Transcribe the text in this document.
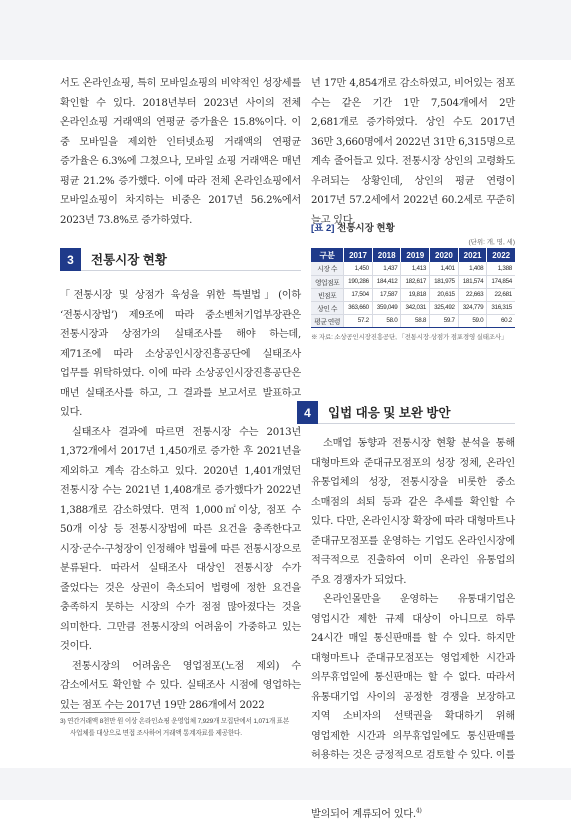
서도 온라인쇼핑, 특히 모바일쇼핑의 비약적인 성장세를 확인할 수 있다. 2018년부터 2023년 사이의 전체 온라인쇼핑 거래액의 연평균 증가율은 15.8%이다. 이 중 모바일을 제외한 인터넷쇼핑 거래액의 연평균 증가율은 6.3%에 그쳤으나, 모바일 쇼핑 거래액은 매년 평균 21.2% 증가했다. 이에 따라 전체 온라인쇼핑에서 모바일쇼핑이 차지하는 비중은 2017년 56.2%에서 2023년 73.8%로 증가하였다.

3	전통시장 현황

「전통시장 및 상점가 육성을 위한 특별법」(이하 ‘전통시장법’) 제9조에 따라 중소벤처기업부장관은 전통시장과 상점가의 실태조사를 해야 하는데, 제71조에 따라 소상공인시장진흥공단에 실태조사 업무를 위탁하였다. 이에 따라 소상공인시장진흥공단은 매년 실태조사를 하고, 그 결과를 보고서로 발표하고 있다.

실태조사 결과에 따르면 전통시장 수는 2013년 1,372개에서 2017년 1,450개로 증가한 후 2021년을 제외하고 계속 감소하고 있다. 2020년 1,401개였던 전통시장 수는 2021년 1,408개로 증가했다가 2022년 1,388개로 감소하였다. 면적 1,000㎡이상, 점포 수 50개 이상 등 전통시장법에 따른 요건을 충족한다고 시장·군수·구청장이 인정해야 법률에 따른 전통시장으로 분류된다. 따라서 실태조사 대상인 전통시장 수가 줄었다는 것은 상권이 축소되어 법령에 정한 요건을 충족하지 못하는 시장의 수가 점점 많아졌다는 것을 의미한다. 그만큼 전통시장의 어려움이 가중하고 있는 것이다.

전통시장의 어려움은 영업점포(노점 제외) 수 감소에서도 확인할 수 있다. 실태조사 시점에 영업하는 있는 점포 수는 2017년 19만 286개에서 2022

3) 연간거래액 8천만 원 이상 온라인쇼핑 운영업체 7,929개 모집단에서 1,071개 표본 사업체를 대상으로 면접 조사하여 거래액 통계자료를 제공한다.

년 17만 4,854개로 감소하였고, 비어있는 점포 수는 같은 기간 1만 7,504개에서 2만 2,681개로 증가하였다. 상인 수도 2017년 36만 3,660명에서 2022년 31만 6,315명으로 계속 줄어들고 있다. 전통시장 상인의 고령화도 우려되는 상황인데, 상인의 평균 연령이 2017년 57.2세에서 2022년 60.2세로 꾸준히 늘고 있다.

[표 2] 전통시장 현황
(단위: 개, 명, 세)
구분	2017	2018	2019	2020	2021	2022
시장 수	1,450	1,437	1,413	1,401	1,408	1,388
영업점포	190,286	184,412	182,617	181,975	181,574	174,854
빈점포	17,504	17,587	19,818	20,615	22,663	22,681
상인 수	363,660	359,049	342,031	325,492	324,779	316,315
평균 연령	57.2	58.0	58.8	59.7	59.0	60.2
※ 자료: 소상공인시장진흥공단, 「전통시장·상점가 점포경영 실태조사」
4	입법 대응 및 보완 방안

소매업 동향과 전통시장 현황 분석을 통해 대형마트와 준대규모점포의 성장 정체, 온라인 유통업체의 성장, 전통시장을 비롯한 중소 소매점의 쇠퇴 등과 같은 추세를 확인할 수 있다. 다만, 온라인시장 확장에 따라 대형마트나 준대규모점포를 운영하는 기업도 온라인시장에 적극적으로 진출하여 이미 온라인 유통업의 주요 경쟁자가 되었다.

온라인몰만을 운영하는 유통대기업은 영업시간 제한 규제 대상이 아니므로 하루 24시간 매일 통신판매를 할 수 있다. 하지만 대형마트나 준대규모점포는 영업제한 시간과 의무휴업일에 통신판매는 할 수 없다. 따라서 유통대기업 사이의 공정한 경쟁을 보장하고 지역 소비자의 선택권을 확대하기 위해 영업제한 시간과 의무휴업일에도 통신판매를 허용하는 것은 긍정적으로 검토할 수 있다. 이를 발의되어 계류되어 있다.$^{4)}$
